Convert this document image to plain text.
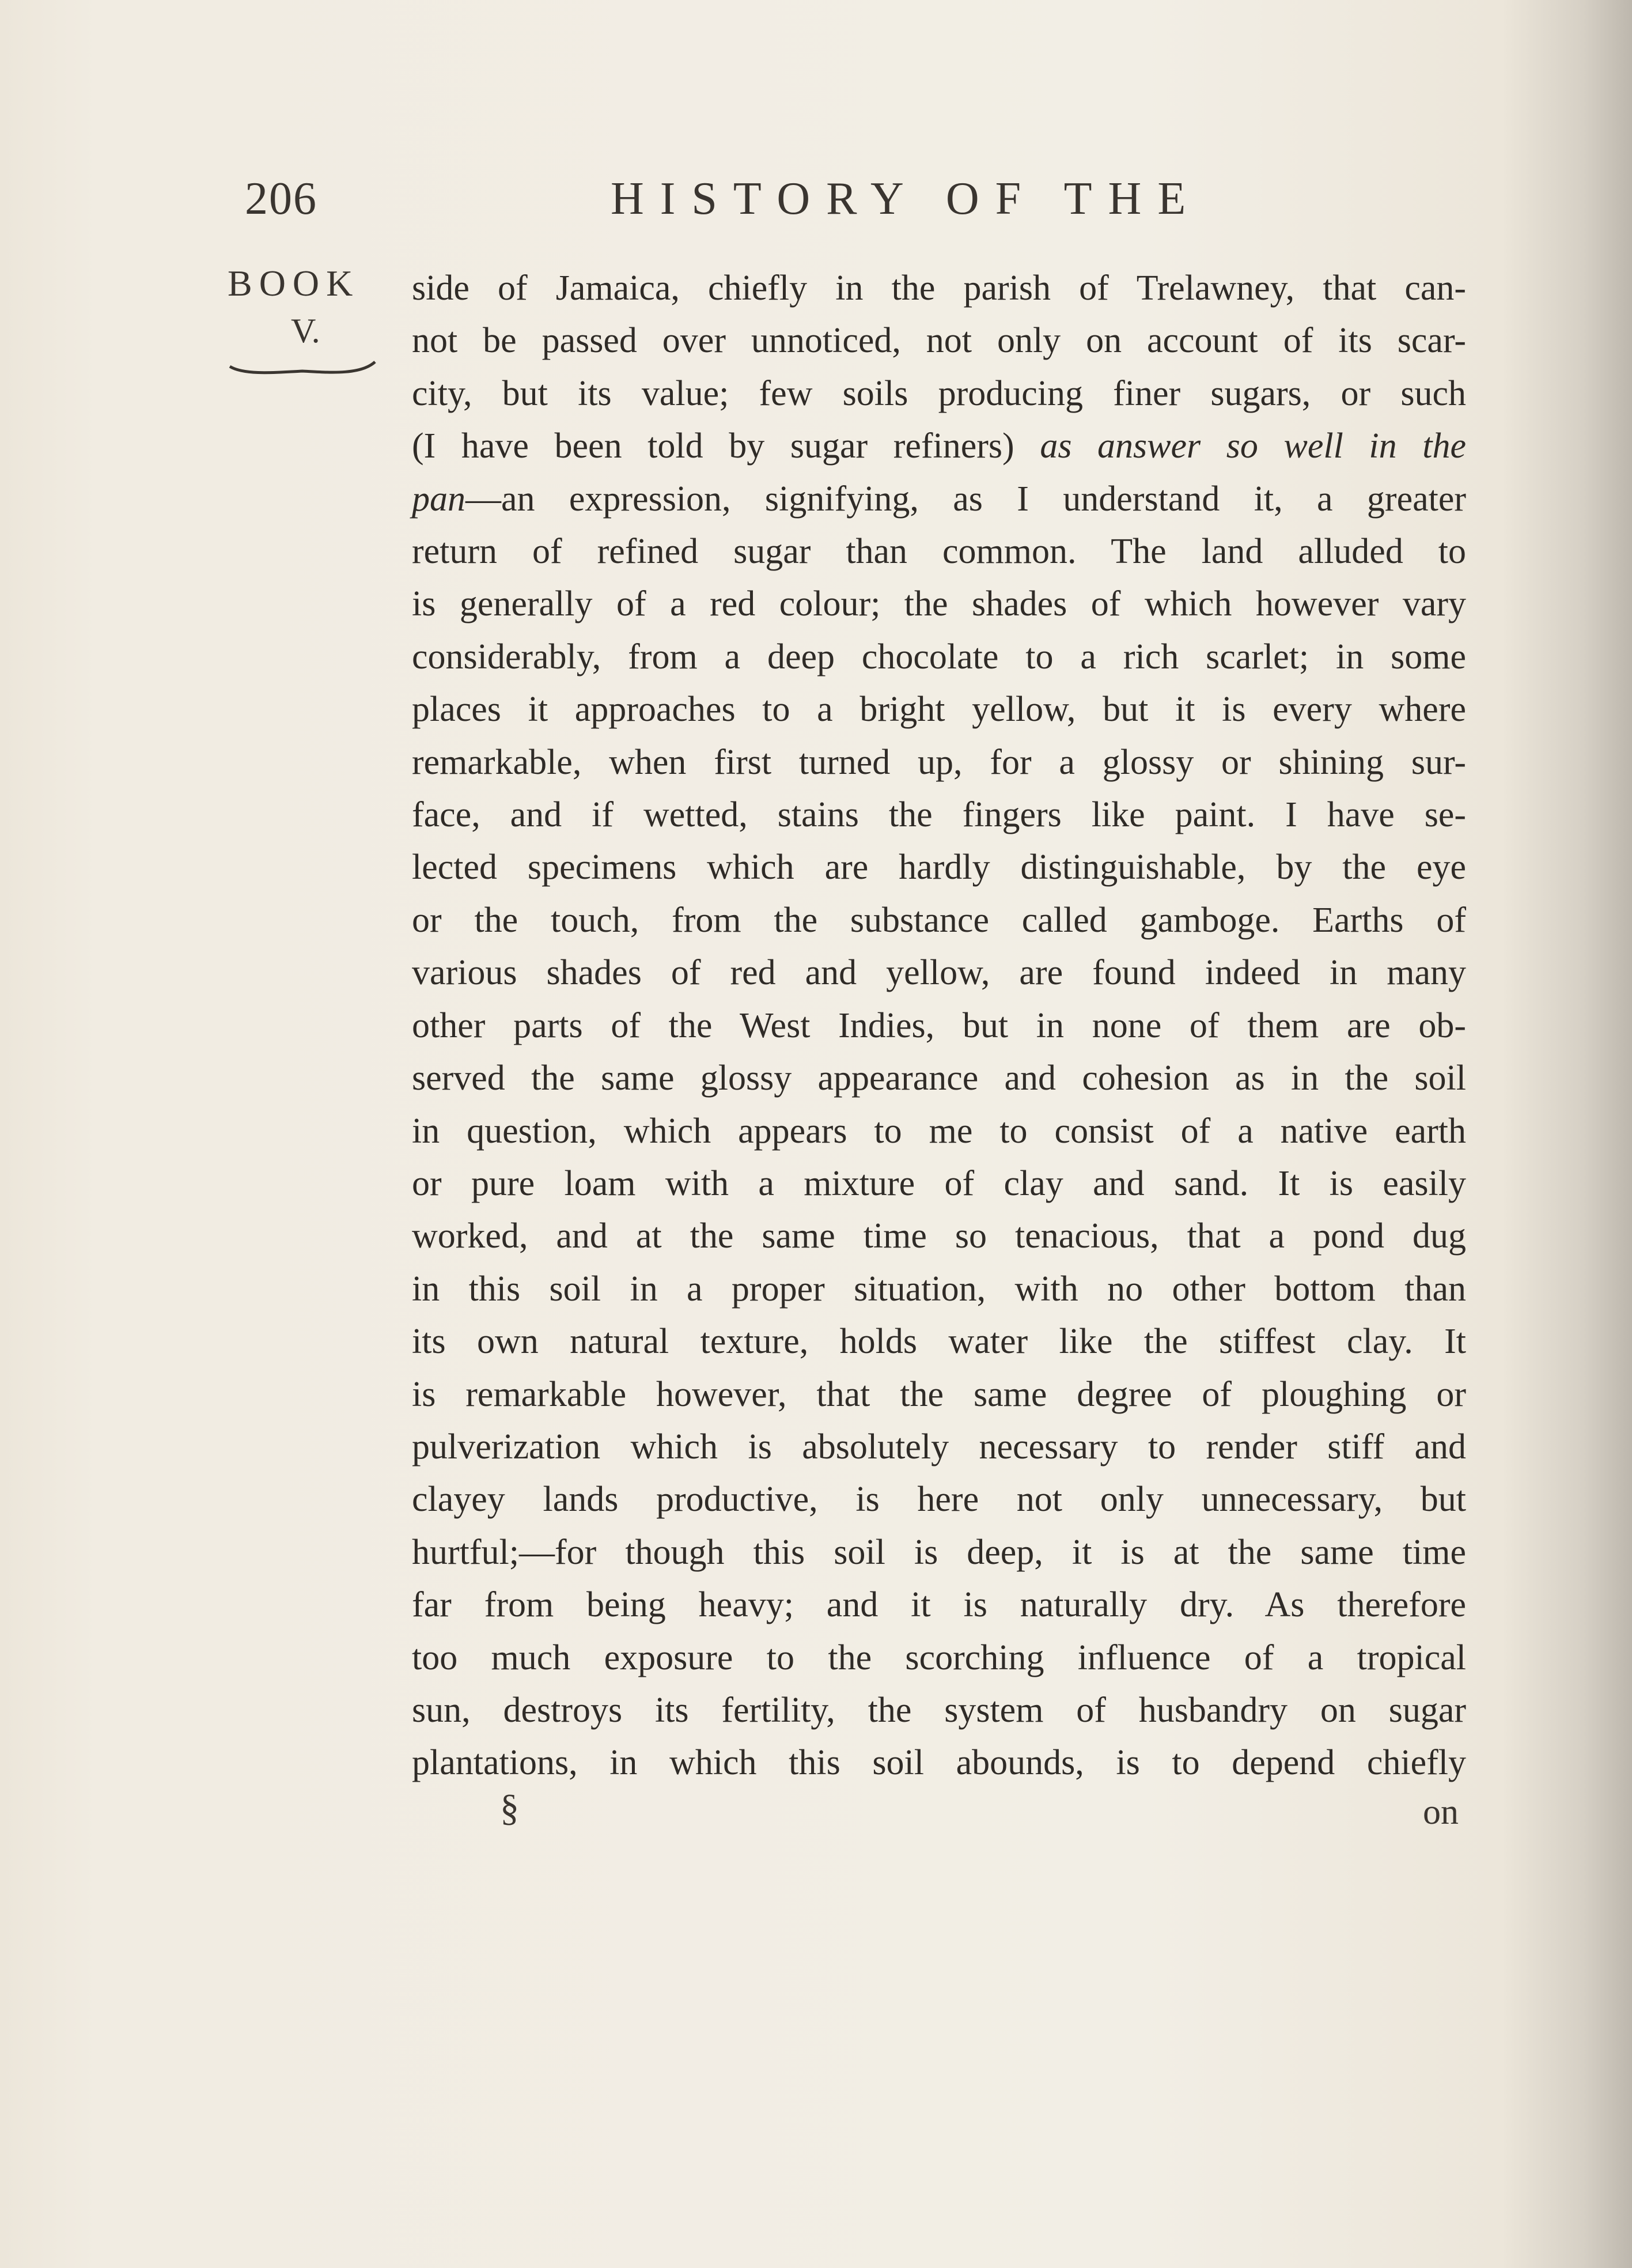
206	HISTORY OF THE
BOOK
V.
side of Jamaica, chiefly in the parish of Trelawney, that can-
not be passed over unnoticed, not only on account of its scar-
city, but its value; few soils producing finer sugars, or such
(I have been told by sugar refiners) as answer so well in the
pan—an expression, signifying, as I understand it, a greater
return of refined sugar than common. The land alluded to
is generally of a red colour; the shades of which however vary
considerably, from a deep chocolate to a rich scarlet; in some
places it approaches to a bright yellow, but it is every where
remarkable, when first turned up, for a glossy or shining sur-
face, and if wetted, stains the fingers like paint. I have se-
lected specimens which are hardly distinguishable, by the eye
or the touch, from the substance called gamboge. Earths of
various shades of red and yellow, are found indeed in many
other parts of the West Indies, but in none of them are ob-
served the same glossy appearance and cohesion as in the soil
in question, which appears to me to consist of a native earth
or pure loam with a mixture of clay and sand. It is easily
worked, and at the same time so tenacious, that a pond dug
in this soil in a proper situation, with no other bottom than
its own natural texture, holds water like the stiffest clay. It
is remarkable however, that the same degree of ploughing or
pulverization which is absolutely necessary to render stiff and
clayey lands productive, is here not only unnecessary, but
hurtful;—for though this soil is deep, it is at the same time
far from being heavy; and it is naturally dry. As therefore
too much exposure to the scorching influence of a tropical
sun, destroys its fertility, the system of husbandry on sugar
plantations, in which this soil abounds, is to depend chiefly
§	on
